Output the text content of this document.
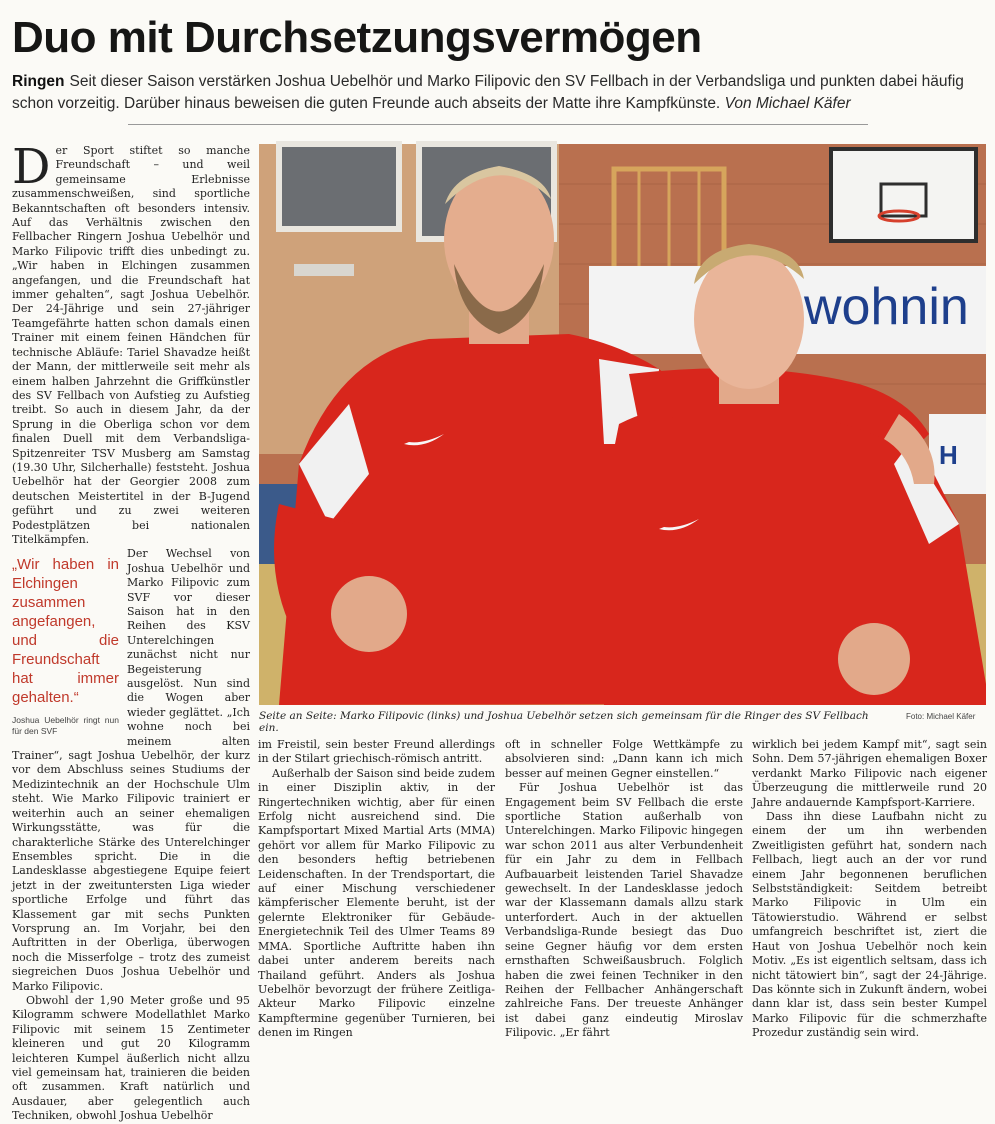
Duo mit Durchsetzungsvermögen
Ringen Seit dieser Saison verstärken Joshua Uebelhör und Marko Filipovic den SV Fellbach in der Verbandsliga und punkten dabei häufig schon vorzeitig. Darüber hinaus beweisen die guten Freunde auch abseits der Matte ihre Kampfkünste. Von Michael Käfer

Der Sport stiftet so manche Freundschaft – und weil gemeinsame Erlebnisse zusammenschweißen, sind sportliche Bekanntschaften oft besonders intensiv. Auf das Verhältnis zwischen den Fellbacher Ringern Joshua Uebelhör und Marko Filipovic trifft dies unbedingt zu. „Wir haben in Elchingen zusammen angefangen, und die Freundschaft hat immer gehalten“, sagt Joshua Uebelhör. Der 24-Jährige und sein 27-jähriger Teamgefährte hatten schon damals einen Trainer mit einem feinen Händchen für technische Abläufe: Tariel Shavadze heißt der Mann, der mittlerweile seit mehr als einem halben Jahrzehnt die Griffkünstler des SV Fellbach von Aufstieg zu Aufstieg treibt. So auch in diesem Jahr, da der Sprung in die Oberliga schon vor dem finalen Duell mit dem Verbandsliga-Spitzenreiter TSV Musberg am Samstag (19.30 Uhr, Silcherhalle) feststeht. Joshua Uebelhör hat der Georgier 2008 zum deutschen Meistertitel in der B-Jugend geführt und zu zwei weiteren Podestplätzen bei nationalen Titelkämpfen.

„Wir haben in Elchingen zusammen angefangen, und die Freundschaft hat immer gehalten.“
Joshua Uebelhör ringt nun für den SVF

Der Wechsel von Joshua Uebelhör und Marko Filipovic zum SVF vor dieser Saison hat in den Reihen des KSV Unterelchingen zunächst nicht nur Begeisterung ausgelöst. Nun sind die Wogen aber wieder geglättet. „Ich wohne noch bei meinem alten Trainer“, sagt Joshua Uebelhör, der kurz vor dem Abschluss seines Studiums der Medizintechnik an der Hochschule Ulm steht. Wie Marko Filipovic trainiert er weiterhin auch an seiner ehemaligen Wirkungsstätte, was für die charakterliche Stärke des Unterelchinger Ensembles spricht. Die in die Landesklasse abgestiegene Equipe feiert jetzt in der zweituntersten Liga wieder sportliche Erfolge und führt das Klassement gar mit sechs Punkten Vorsprung an. Im Vorjahr, bei den Auftritten in der Oberliga, überwogen noch die Misserfolge – trotz des zumeist siegreichen Duos Joshua Uebelhör und Marko Filipovic.

Obwohl der 1,90 Meter große und 95 Kilogramm schwere Modellathlet Marko Filipovic mit seinem 15 Zentimeter kleineren und gut 20 Kilogramm leichteren Kumpel äußerlich nicht allzu viel gemeinsam hat, trainieren die beiden oft zusammen. Kraft natürlich und Ausdauer, aber gelegentlich auch Techniken, obwohl Joshua Uebelhör

wohnin
H
Seite an Seite: Marko Filipovic (links) und Joshua Uebelhör setzen sich gemeinsam für die Ringer des SV Fellbach ein.
Foto: Michael Käfer

im Freistil, sein bester Freund allerdings in der Stilart griechisch-römisch antritt.

Außerhalb der Saison sind beide zudem in einer Disziplin aktiv, in der Ringertechniken wichtig, aber für einen Erfolg nicht ausreichend sind. Die Kampfsportart Mixed Martial Arts (MMA) gehört vor allem für Marko Filipovic zu den besonders heftig betriebenen Leidenschaften. In der Trendsportart, die auf einer Mischung verschiedener kämpferischer Elemente beruht, ist der gelernte Elektroniker für Gebäude-Energietechnik Teil des Ulmer Teams 89 MMA. Sportliche Auftritte haben ihn dabei unter anderem bereits nach Thailand geführt. Anders als Joshua Uebelhör bevorzugt der frühere Zeitliga-Akteur Marko Filipovic einzelne Kampftermine gegenüber Turnieren, bei denen im Ringen

oft in schneller Folge Wettkämpfe zu absolvieren sind: „Dann kann ich mich besser auf meinen Gegner einstellen.“

Für Joshua Uebelhör ist das Engagement beim SV Fellbach die erste sportliche Station außerhalb von Unterelchingen. Marko Filipovic hingegen war schon 2011 aus alter Verbundenheit für ein Jahr zu dem in Fellbach Aufbauarbeit leistenden Tariel Shavadze gewechselt. In der Landesklasse jedoch war der Klassemann damals allzu stark unterfordert. Auch in der aktuellen Verbandsliga-Runde besiegt das Duo seine Gegner häufig vor dem ersten ernsthaften Schweißausbruch. Folglich haben die zwei feinen Techniker in den Reihen der Fellbacher Anhängerschaft zahlreiche Fans. Der treueste Anhänger ist dabei ganz eindeutig Miroslav Filipovic. „Er fährt

wirklich bei jedem Kampf mit“, sagt sein Sohn. Dem 57-jährigen ehemaligen Boxer verdankt Marko Filipovic nach eigener Überzeugung die mittlerweile rund 20 Jahre andauernde Kampfsport-Karriere.

Dass ihn diese Laufbahn nicht zu einem der um ihn werbenden Zweitligisten geführt hat, sondern nach Fellbach, liegt auch an der vor rund einem Jahr begonnenen beruflichen Selbstständigkeit: Seitdem betreibt Marko Filipovic in Ulm ein Tätowierstudio. Während er selbst umfangreich beschriftet ist, ziert die Haut von Joshua Uebelhör noch kein Motiv. „Es ist eigentlich seltsam, dass ich nicht tätowiert bin“, sagt der 24-Jährige. Das könnte sich in Zukunft ändern, wobei dann klar ist, dass sein bester Kumpel Marko Filipovic für die schmerzhafte Prozedur zuständig sein wird.
